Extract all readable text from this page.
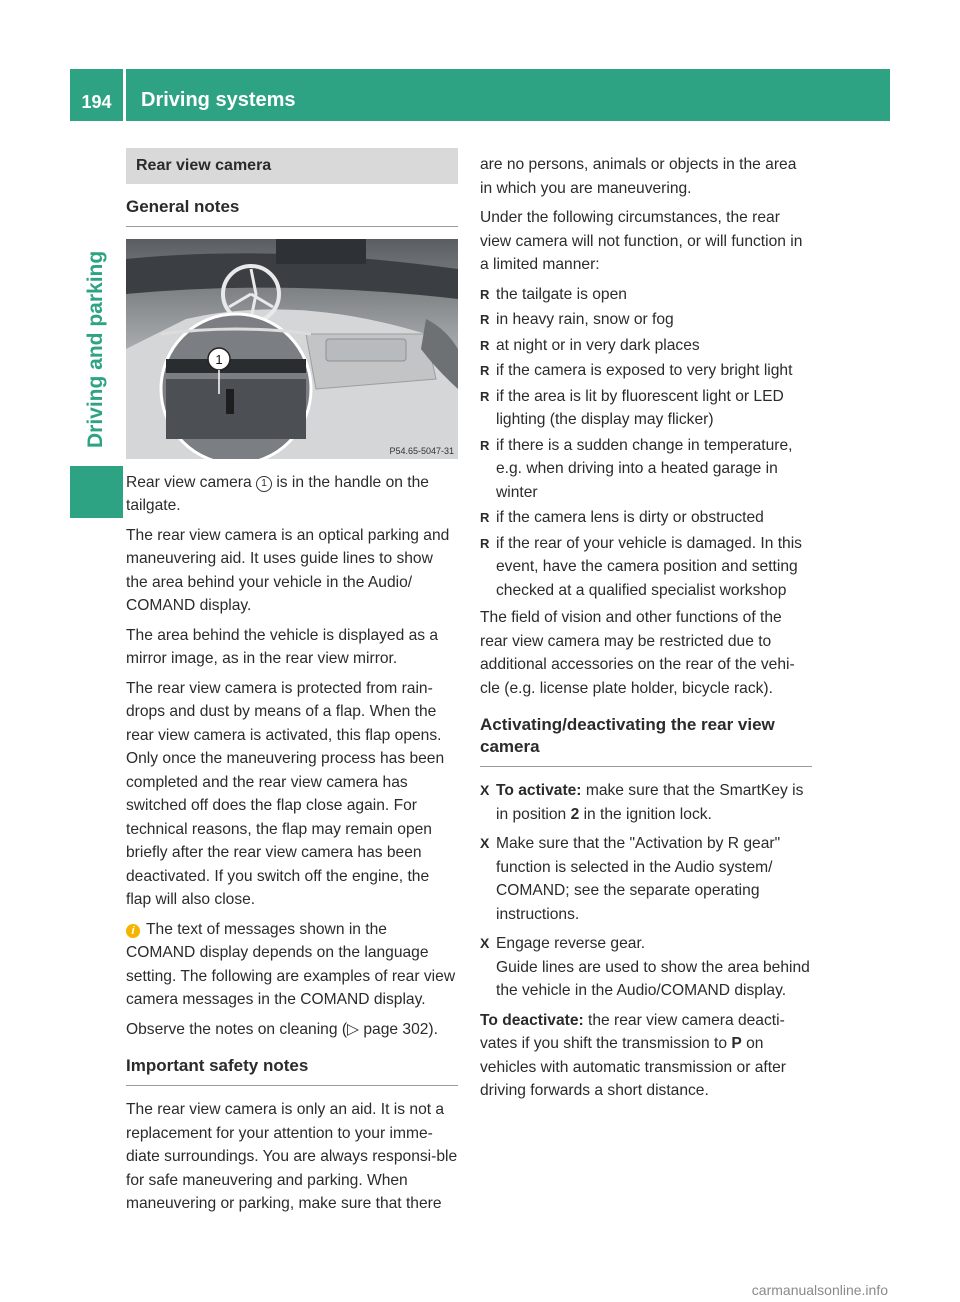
194	Driving systems
Driving and parking
Rear view camera
General notes
1
P54.65-5047-31

Rear view camera 1 is in the handle on the tailgate.

The rear view camera is an optical parking and maneuvering aid. It uses guide lines to show the area behind your vehicle in the Audio/ COMAND display.

The area behind the vehicle is displayed as a mirror image, as in the rear view mirror.

The rear view camera is protected from rain-drops and dust by means of a flap. When the rear view camera is activated, this flap opens. Only once the maneuvering process has been completed and the rear view camera has switched off does the flap close again. For technical reasons, the flap may remain open briefly after the rear view camera has been deactivated. If you switch off the engine, the flap will also close.

i The text of messages shown in the COMAND display depends on the language setting. The following are examples of rear view camera messages in the COMAND display.

Observe the notes on cleaning (▷ page 302).

Important safety notes

The rear view camera is only an aid. It is not a replacement for your attention to your imme-diate surroundings. You are always responsi-ble for safe maneuvering and parking. When maneuvering or parking, make sure that there

are no persons, animals or objects in the area in which you are maneuvering.

Under the following circumstances, the rear view camera will not function, or will function in a limited manner:

R the tailgate is open
R in heavy rain, snow or fog
R at night or in very dark places
R if the camera is exposed to very bright light
R if the area is lit by fluorescent light or LED lighting (the display may flicker)
R if there is a sudden change in temperature, e.g. when driving into a heated garage in winter
R if the camera lens is dirty or obstructed
R if the rear of your vehicle is damaged. In this event, have the camera position and setting checked at a qualified specialist workshop

The field of vision and other functions of the rear view camera may be restricted due to additional accessories on the rear of the vehi-cle (e.g. license plate holder, bicycle rack).

Activating/deactivating the rear view camera
X To activate: make sure that the SmartKey is in position 2 in the ignition lock.
X Make sure that the "Activation by R gear" function is selected in the Audio system/ COMAND; see the separate operating instructions.
X Engage reverse gear.
Guide lines are used to show the area behind the vehicle in the Audio/COMAND display.

To deactivate: the rear view camera deacti-vates if you shift the transmission to P on vehicles with automatic transmission or after driving forwards a short distance.

carmanualsonline.info
